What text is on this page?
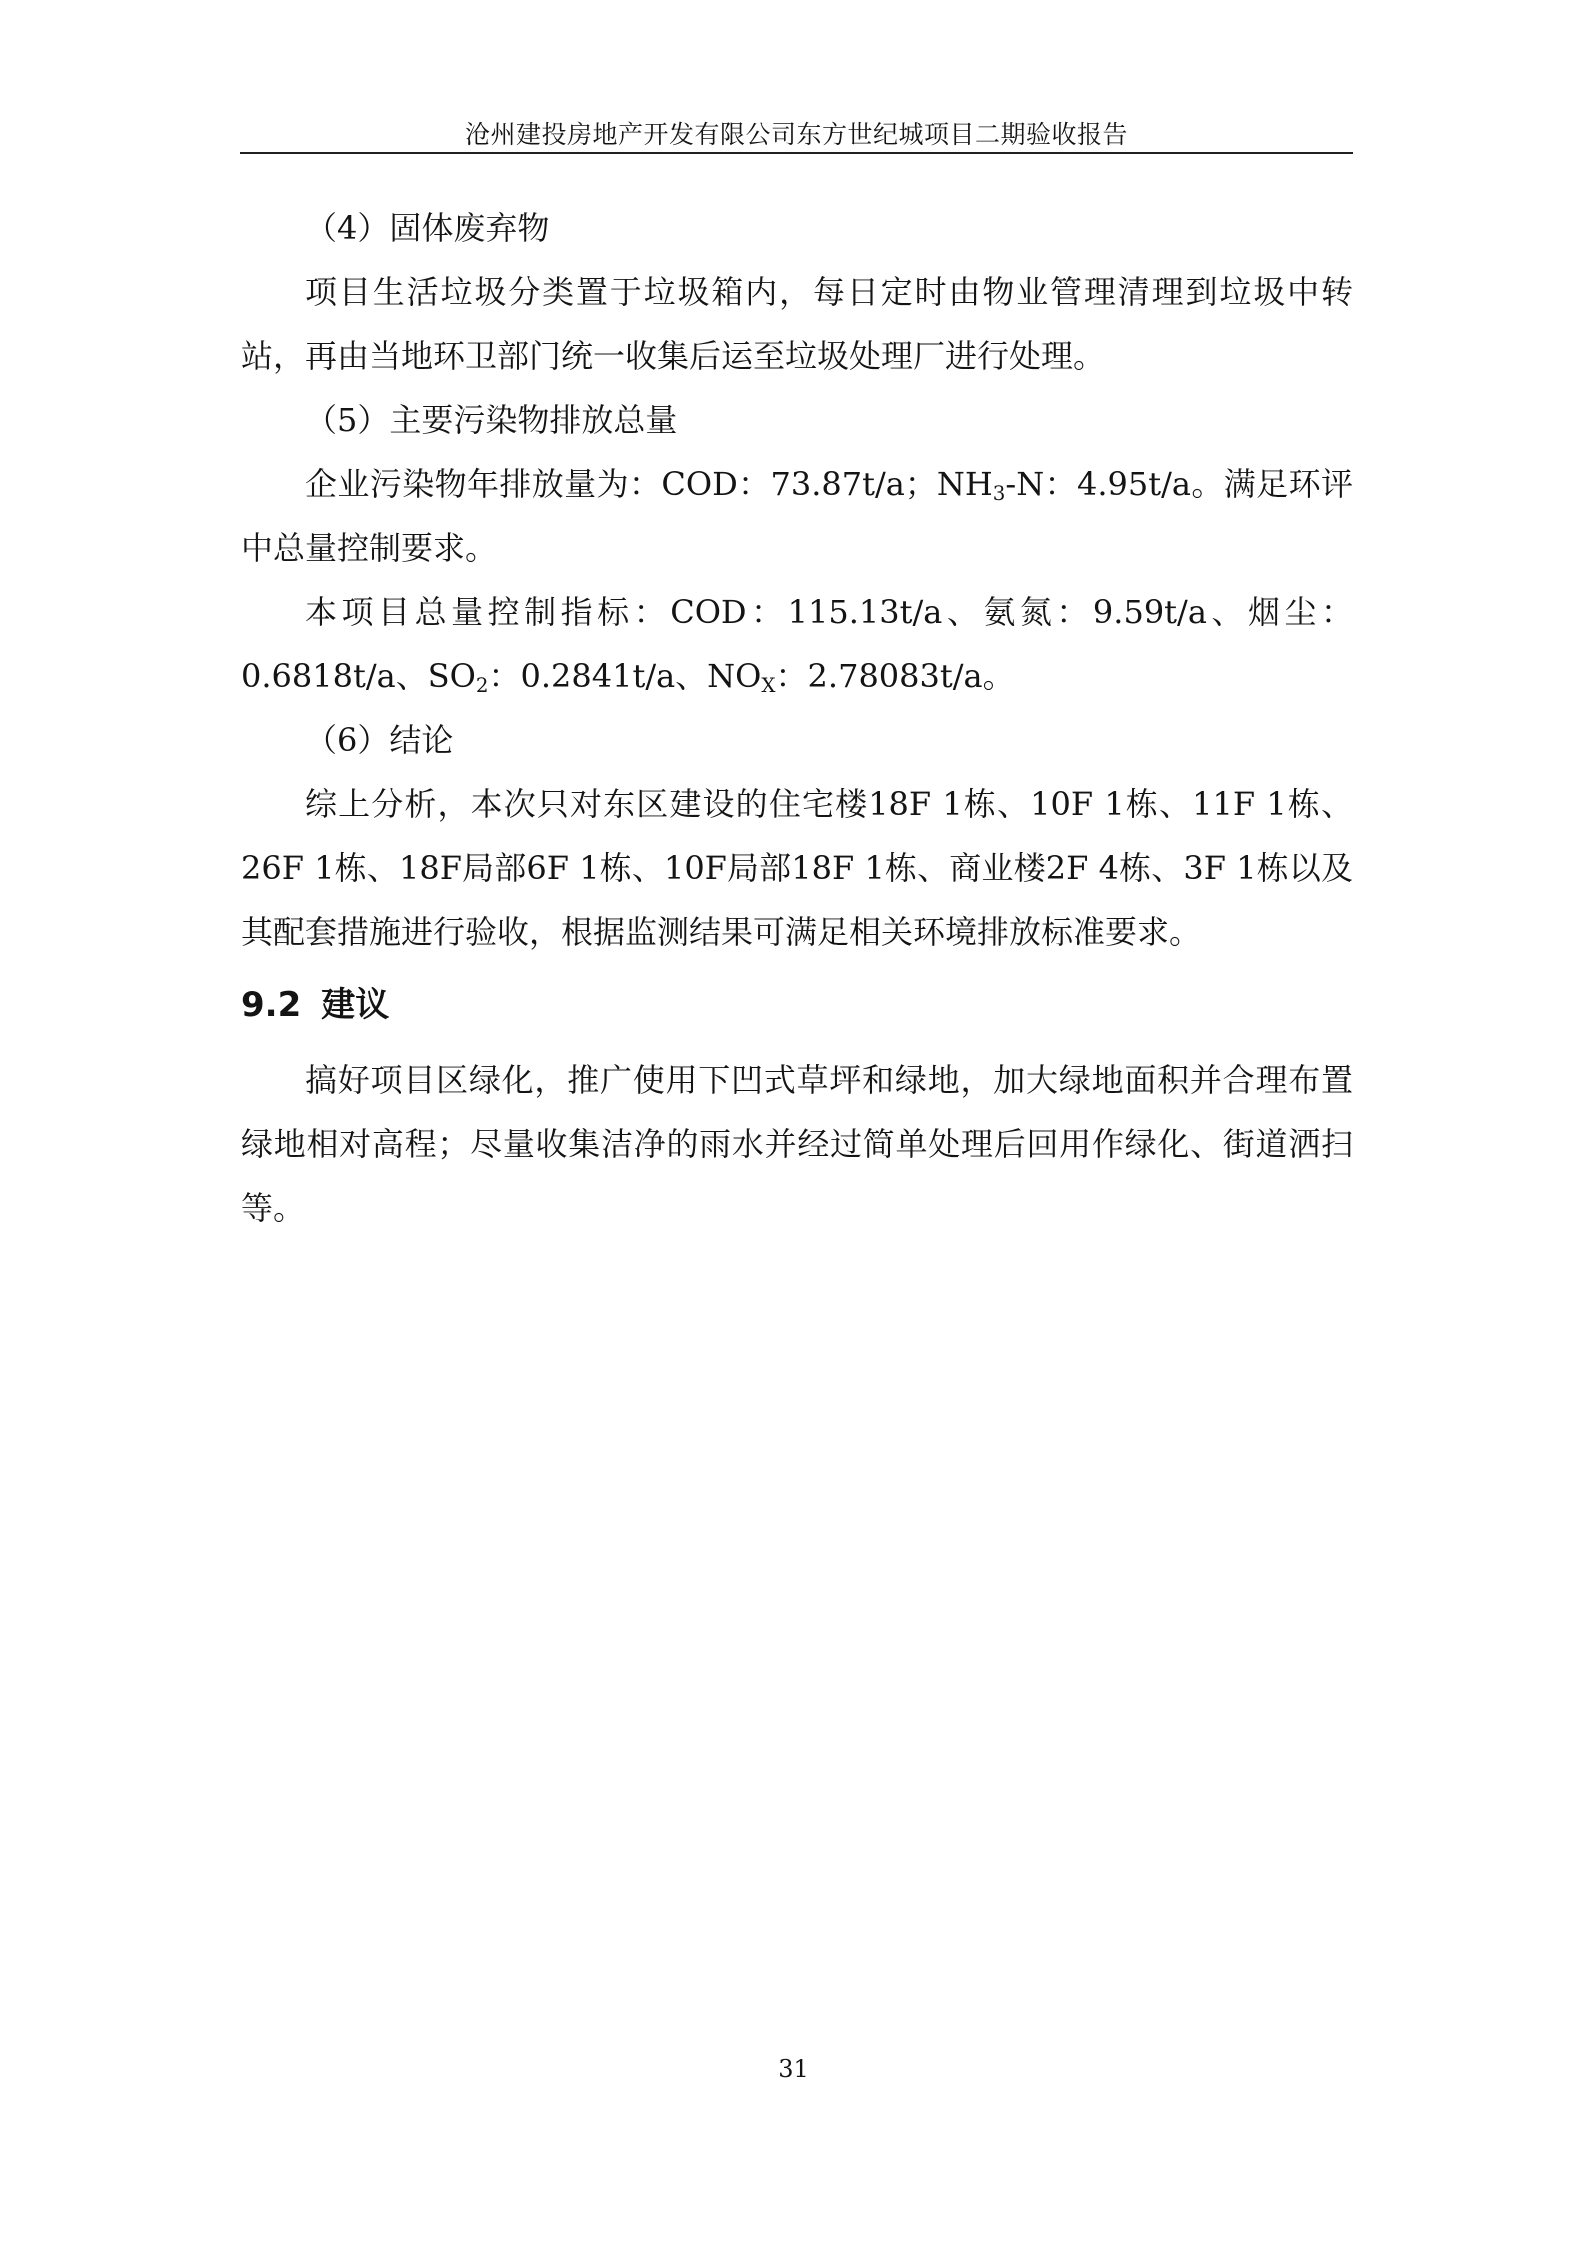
沧州建投房地产开发有限公司东方世纪城项目二期验收报告

（4）固体废弃物

项目生活垃圾分类置于垃圾箱内，每日定时由物业管理清理到垃圾中转站，再由当地环卫部门统一收集后运至垃圾处理厂进行处理。

（5）主要污染物排放总量

企业污染物年排放量为：COD：73.87t/a；$NH_3-N$：4.95t/a。满足环评中总量控制要求。

本项目总量控制指标：COD：115.13t/a、氨氮：9.59t/a、烟尘：0.6818t/a、$SO_2$：0.2841t/a、$NO_X$：2.78083t/a。

（6）结论

综上分析，本次只对东区建设的住宅楼18F 1栋、10F 1栋、11F 1栋、26F 1栋、18F局部6F 1栋、10F局部18F 1栋、商业楼2F 4栋、3F 1栋以及其配套措施进行验收，根据监测结果可满足相关环境排放标准要求。

9.2 建议

搞好项目区绿化，推广使用下凹式草坪和绿地，加大绿地面积并合理布置绿地相对高程；尽量收集洁净的雨水并经过简单处理后回用作绿化、街道洒扫等。

31
